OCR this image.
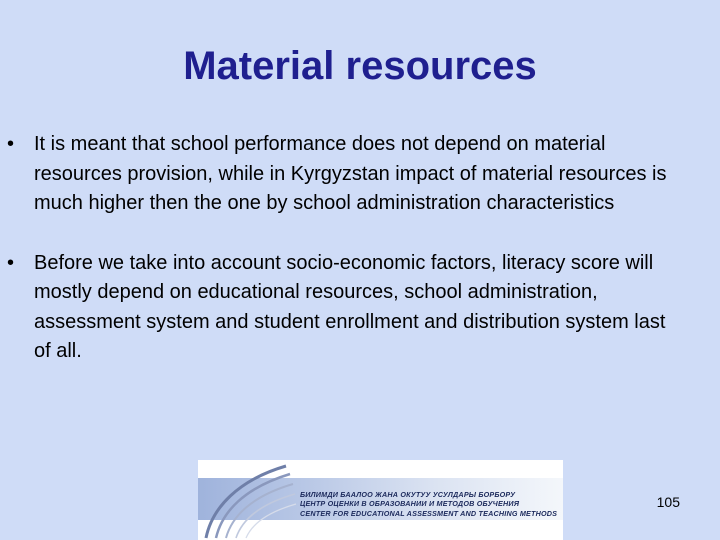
Material resources
• It is meant that school performance does not depend on material resources provision, while in Kyrgyzstan impact of material resources is much higher then the one by school administration characteristics
• Before we take into account socio-economic factors, literacy score will mostly depend on educational resources, school administration, assessment system and student enrollment and distribution system last of all.
БИЛИМДИ БААЛОО ЖАНА ОКУТУУ УСУЛДАРЫ БОРБОРУ
ЦЕНТР ОЦЕНКИ В ОБРАЗОВАНИИ И МЕТОДОВ ОБУЧЕНИЯ
CENTER FOR EDUCATIONAL ASSESSMENT AND TEACHING METHODS
105
